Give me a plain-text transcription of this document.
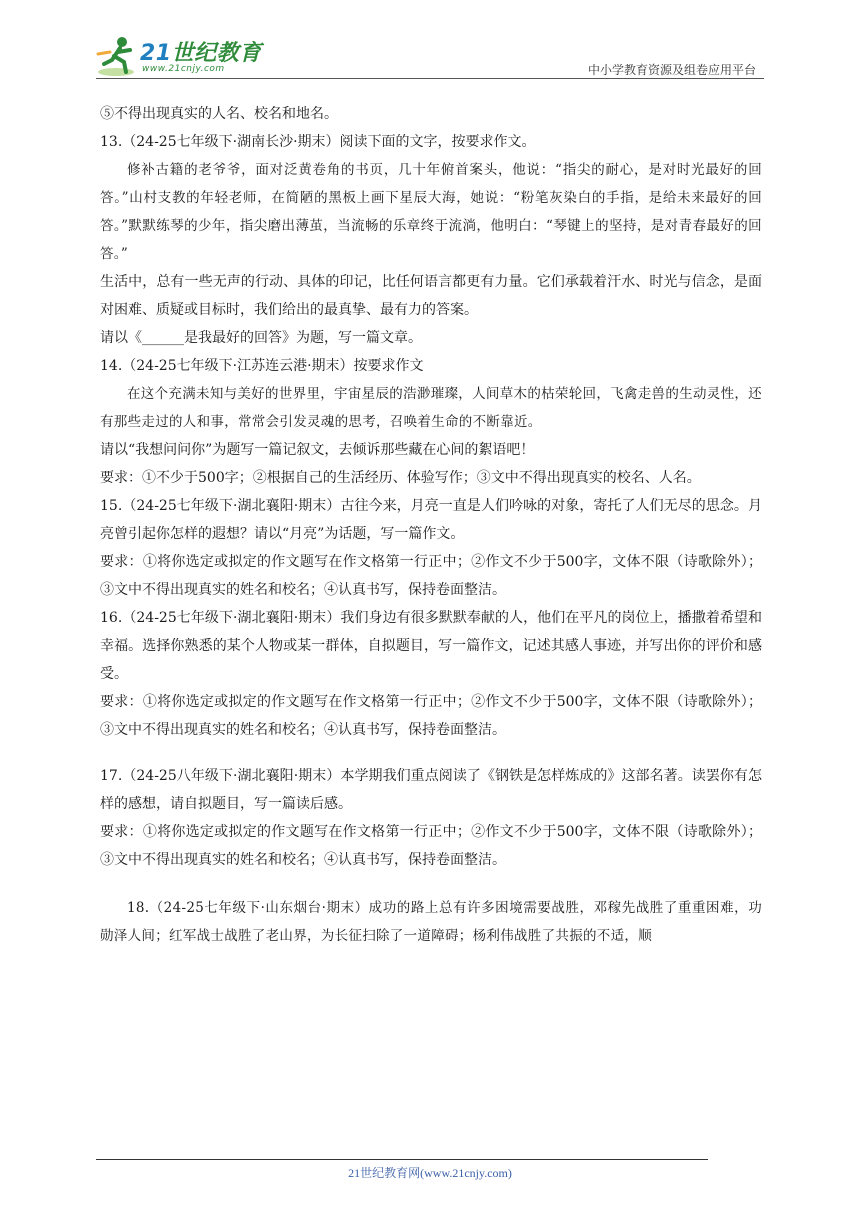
21世纪教育
www.21cnjy.com	中小学教育资源及组卷应用平台

⑤不得出现真实的人名、校名和地名。

13.（24-25七年级下·湖南长沙·期末）阅读下面的文字，按要求作文。

修补古籍的老爷爷，面对泛黄卷角的书页，几十年俯首案头，他说：“指尖的耐心，是对时光最好的回答。”山村支教的年轻老师，在简陋的黑板上画下星辰大海，她说：“粉笔灰染白的手指，是给未来最好的回答。”默默练琴的少年，指尖磨出薄茧，当流畅的乐章终于流淌，他明白：“琴键上的坚持，是对青春最好的回答。”

生活中，总有一些无声的行动、具体的印记，比任何语言都更有力量。它们承载着汗水、时光与信念，是面对困难、质疑或目标时，我们给出的最真挚、最有力的答案。

请以《______是我最好的回答》为题，写一篇文章。

14.（24-25七年级下·江苏连云港·期末）按要求作文

在这个充满未知与美好的世界里，宇宙星辰的浩渺璀璨，人间草木的枯荣轮回，飞禽走兽的生动灵性，还有那些走过的人和事，常常会引发灵魂的思考，召唤着生命的不断靠近。

请以“我想问问你”为题写一篇记叙文，去倾诉那些藏在心间的絮语吧！

要求：①不少于500字；②根据自己的生活经历、体验写作；③文中不得出现真实的校名、人名。

15.（24-25七年级下·湖北襄阳·期末）古往今来，月亮一直是人们吟咏的对象，寄托了人们无尽的思念。月亮曾引起你怎样的遐想？请以“月亮”为话题，写一篇作文。

要求：①将你选定或拟定的作文题写在作文格第一行正中；②作文不少于500字，文体不限（诗歌除外）；③文中不得出现真实的姓名和校名；④认真书写，保持卷面整洁。

16.（24-25七年级下·湖北襄阳·期末）我们身边有很多默默奉献的人，他们在平凡的岗位上，播撒着希望和幸福。选择你熟悉的某个人物或某一群体，自拟题目，写一篇作文，记述其感人事迹，并写出你的评价和感受。

要求：①将你选定或拟定的作文题写在作文格第一行正中；②作文不少于500字，文体不限（诗歌除外）；③文中不得出现真实的姓名和校名；④认真书写，保持卷面整洁。

17.（24-25八年级下·湖北襄阳·期末）本学期我们重点阅读了《钢铁是怎样炼成的》这部名著。读罢你有怎样的感想，请自拟题目，写一篇读后感。

要求：①将你选定或拟定的作文题写在作文格第一行正中；②作文不少于500字，文体不限（诗歌除外）；③文中不得出现真实的姓名和校名；④认真书写，保持卷面整洁。

18.（24-25七年级下·山东烟台·期末）成功的路上总有许多困境需要战胜，邓稼先战胜了重重困难，功勋泽人间；红军战士战胜了老山界，为长征扫除了一道障碍；杨利伟战胜了共振的不适，顺

21世纪教育网(www.21cnjy.com)
